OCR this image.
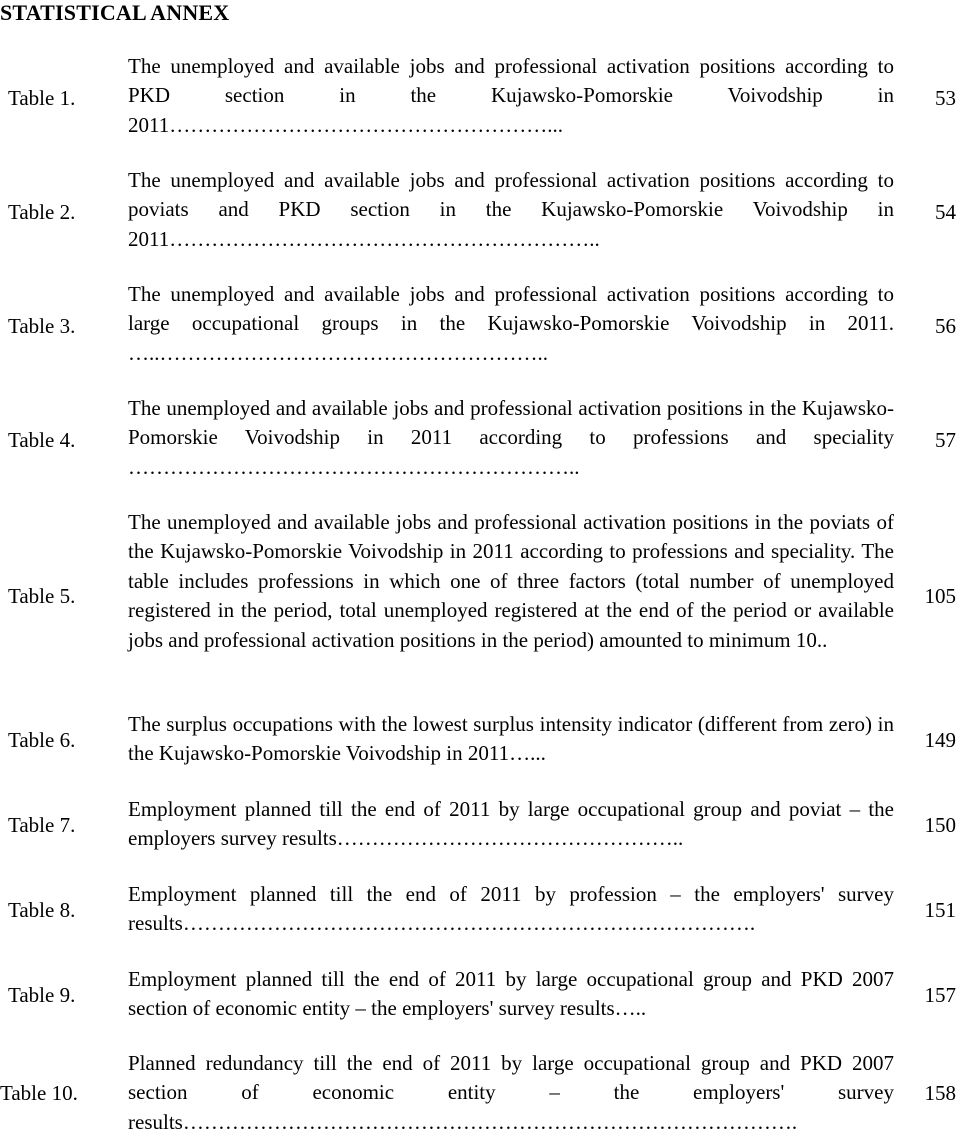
STATISTICAL ANNEX
Table 1.
The unemployed and available jobs and professional activation positions according to PKD section in the Kujawsko-Pomorskie Voivodship in 2011………………………………………………...
53
Table 2.
The unemployed and available jobs and professional activation positions according to poviats and PKD section in the Kujawsko-Pomorskie Voivodship in 2011……………………………………………………..
54
Table 3.
The unemployed and available jobs and professional activation positions according to large occupational groups in the Kujawsko-Pomorskie Voivodship in 2011. …..………………………………………………..
56
Table 4.
The unemployed and available jobs and professional activation positions in the Kujawsko-Pomorskie Voivodship in 2011 according to professions and speciality ………………………………………………………..
57
Table 5.
The unemployed and available jobs and professional activation positions in the poviats of the Kujawsko-Pomorskie Voivodship in 2011 according to professions and speciality. The table includes professions in which one of three factors (total number of unemployed registered in the period, total unemployed registered at the end of the period or available jobs and professional activation positions in the period) amounted to minimum 10..
105
Table 6.
The surplus occupations with the lowest surplus intensity indicator (different from zero) in the Kujawsko-Pomorskie Voivodship in 2011…...
149
Table 7.
Employment planned till the end of 2011 by large occupational group and poviat – the employers survey results…………………………………………..
150
Table 8.
Employment planned till the end of 2011 by profession – the employers' survey results……………………………………………………………………….
151
Table 9.
Employment planned till the end of 2011 by large occupational group and PKD 2007 section of economic entity – the employers' survey results…..
157
Table 10.
Planned redundancy till the end of 2011 by large occupational group and PKD 2007 section of economic entity – the employers' survey results…………………………………………………………………………….
158
